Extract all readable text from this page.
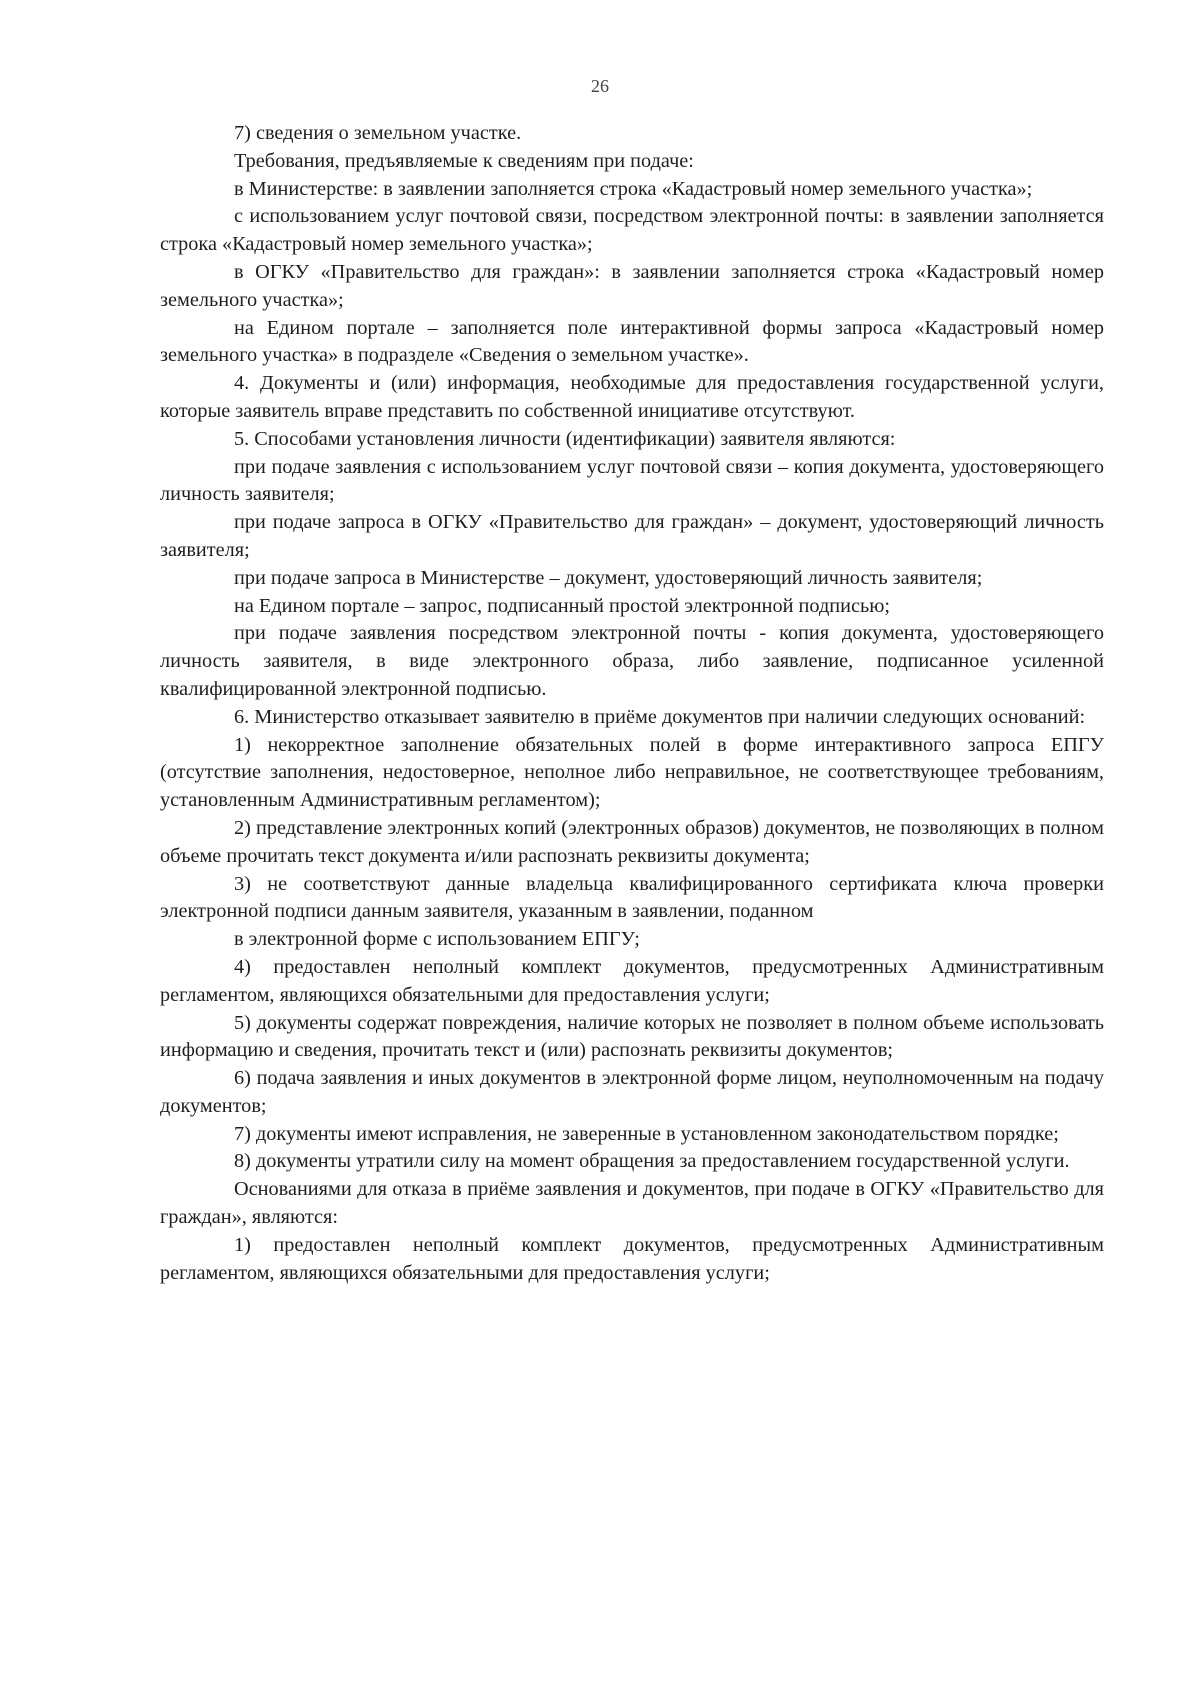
26

7) сведения о земельном участке.

Требования, предъявляемые к сведениям при подаче:

в Министерстве: в заявлении заполняется строка «Кадастровый номер земельного участка»;

с использованием услуг почтовой связи, посредством электронной почты: в заявлении заполняется строка «Кадастровый номер земельного участка»;

в ОГКУ «Правительство для граждан»: в заявлении заполняется строка «Кадастровый номер земельного участка»;

на Едином портале – заполняется поле интерактивной формы запроса «Кадастровый номер земельного участка» в подразделе «Сведения о земельном участке».

4. Документы и (или) информация, необходимые для предоставления государственной услуги, которые заявитель вправе представить по собственной инициативе отсутствуют.

5. Способами установления личности (идентификации) заявителя являются:

при подаче заявления с использованием услуг почтовой связи – копия документа, удостоверяющего личность заявителя;

при подаче запроса в ОГКУ «Правительство для граждан» – документ, удостоверяющий личность заявителя;

при подаче запроса в Министерстве – документ, удостоверяющий личность заявителя;

на Едином портале – запрос, подписанный простой электронной подписью;

при подаче заявления посредством электронной почты - копия документа, удостоверяющего личность заявителя, в виде электронного образа, либо заявление, подписанное усиленной квалифицированной электронной подписью.

6. Министерство отказывает заявителю в приёме документов при наличии следующих оснований:

1) некорректное заполнение обязательных полей в форме интерактивного запроса ЕПГУ (отсутствие заполнения, недостоверное, неполное либо неправильное, не соответствующее требованиям, установленным Административным регламентом);

2) представление электронных копий (электронных образов) документов, не позволяющих в полном объеме прочитать текст документа и/или распознать реквизиты документа;

3) не соответствуют данные владельца квалифицированного сертификата ключа проверки электронной подписи данным заявителя, указанным в заявлении, поданном

в электронной форме с использованием ЕПГУ;

4) предоставлен неполный комплект документов, предусмотренных Административным регламентом, являющихся обязательными для предоставления услуги;

5) документы содержат повреждения, наличие которых не позволяет в полном объеме использовать информацию и сведения, прочитать текст и (или) распознать реквизиты документов;

6) подача заявления и иных документов в электронной форме лицом, неуполномоченным на подачу документов;

7) документы имеют исправления, не заверенные в установленном законодательством порядке;

8) документы утратили силу на момент обращения за предоставлением государственной услуги.

Основаниями для отказа в приёме заявления и документов, при подаче в ОГКУ «Правительство для граждан», являются:

1) предоставлен неполный комплект документов, предусмотренных Административным регламентом, являющихся обязательными для предоставления услуги;
